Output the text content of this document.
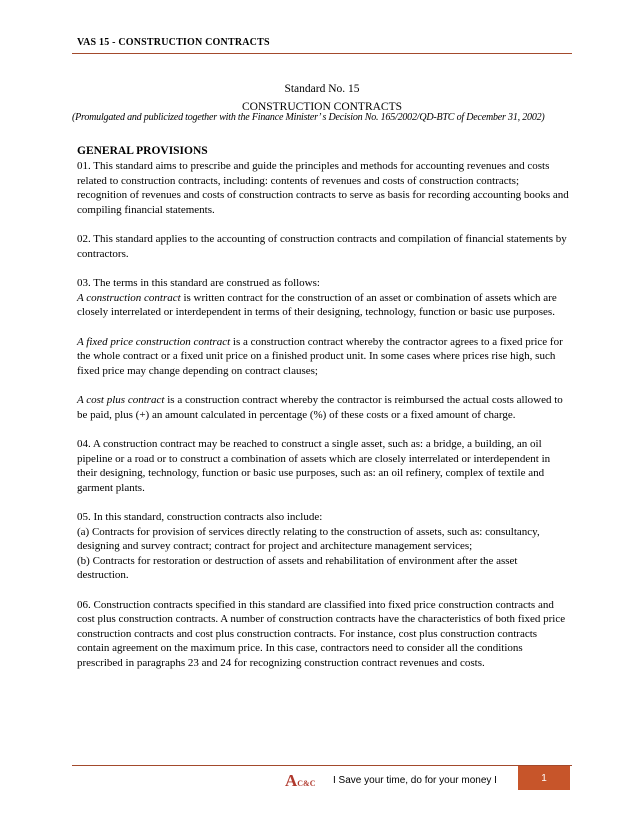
VAS 15 - CONSTRUCTION CONTRACTS
Standard No. 15
CONSTRUCTION CONTRACTS
(Promulgated and publicized together with the Finance Minister’ s Decision No. 165/2002/QD-BTC of December 31, 2002)
GENERAL PROVISIONS

01. This standard aims to prescribe and guide the principles and methods for accounting revenues and costs related to construction contracts, including: contents of revenues and costs of construction contracts; recognition of revenues and costs of construction contracts to serve as basis for recording accounting books and compiling financial statements.

02. This standard applies to the accounting of construction contracts and compilation of financial statements by contractors.

03. The terms in this standard are construed as follows:

A construction contract is written contract for the construction of an asset or combination of assets which are closely interrelated or interdependent in terms of their designing, technology, function or basic use purposes.

A fixed price construction contract is a construction contract whereby the contractor agrees to a fixed price for the whole contract or a fixed unit price on a finished product unit. In some cases where prices rise high, such fixed price may change depending on contract clauses;

A cost plus contract is a construction contract whereby the contractor is reimbursed the actual costs allowed to be paid, plus (+) an amount calculated in percentage (%) of these costs or a fixed amount of charge.

04. A construction contract may be reached to construct a single asset, such as: a bridge, a building, an oil pipeline or a road or to construct a combination of assets which are closely interrelated or interdependent in their designing, technology, function or basic use purposes, such as: an oil refinery, complex of textile and garment plants.

05. In this standard, construction contracts also include:

(a) Contracts for provision of services directly relating to the construction of assets, such as: consultancy, designing and survey contract; contract for project and architecture management services;

(b) Contracts for restoration or destruction of assets and rehabilitation of environment after the asset destruction.

06. Construction contracts specified in this standard are classified into fixed price construction contracts and cost plus construction contracts. A number of construction contracts have the characteristics of both fixed price construction contracts and cost plus construction contracts. For instance, cost plus construction contracts contain agreement on the maximum price. In this case, contractors need to consider all the conditions prescribed in paragraphs 23 and 24 for recognizing construction contract revenues and costs.

AC&C I Save your time, do for your money I	1
